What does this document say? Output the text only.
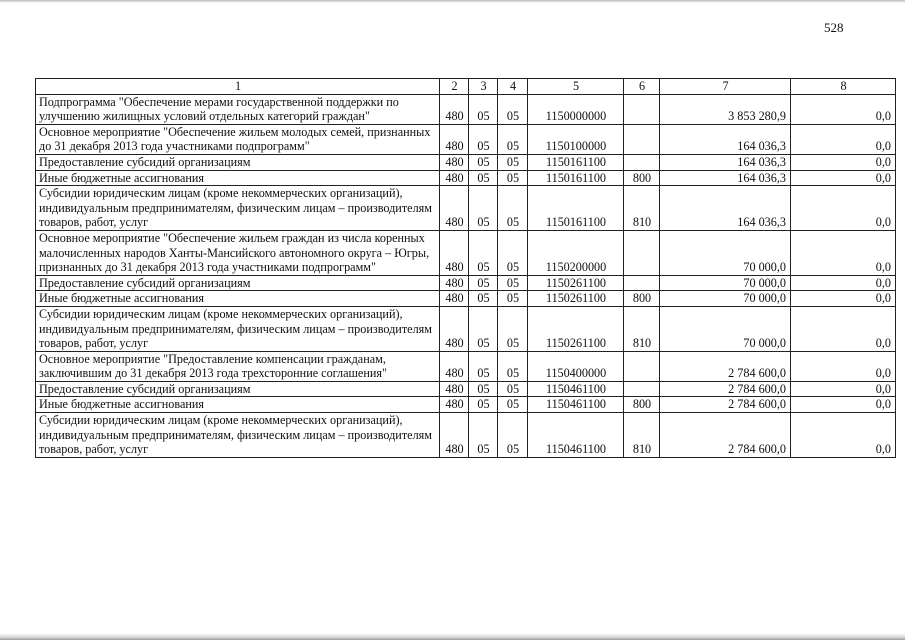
528
1	2	3	4	5	6	7	8
Подпрограмма "Обеспечение мерами государственной поддержки по улучшению жилищных условий отдельных категорий граждан"	480	05	05	1150000000		3 853 280,9	0,0
Основное мероприятие "Обеспечение жильем молодых семей, признанных до 31 декабря 2013 года участниками подпрограмм"	480	05	05	1150100000		164 036,3	0,0
Предоставление субсидий организациям	480	05	05	1150161100		164 036,3	0,0
Иные бюджетные ассигнования	480	05	05	1150161100	800	164 036,3	0,0
Субсидии юридическим лицам (кроме некоммерческих организаций), индивидуальным предпринимателям, физическим лицам – производителям товаров, работ, услуг	480	05	05	1150161100	810	164 036,3	0,0
Основное мероприятие "Обеспечение жильем граждан из числа коренных малочисленных народов Ханты-Мансийского автономного округа – Югры, признанных до 31 декабря 2013 года участниками подпрограмм"	480	05	05	1150200000		70 000,0	0,0
Предоставление субсидий организациям	480	05	05	1150261100		70 000,0	0,0
Иные бюджетные ассигнования	480	05	05	1150261100	800	70 000,0	0,0
Субсидии юридическим лицам (кроме некоммерческих организаций), индивидуальным предпринимателям, физическим лицам – производителям товаров, работ, услуг	480	05	05	1150261100	810	70 000,0	0,0
Основное мероприятие "Предоставление компенсации гражданам, заключившим до 31 декабря 2013 года трехсторонние соглашения"	480	05	05	1150400000		2 784 600,0	0,0
Предоставление субсидий организациям	480	05	05	1150461100		2 784 600,0	0,0
Иные бюджетные ассигнования	480	05	05	1150461100	800	2 784 600,0	0,0
Субсидии юридическим лицам (кроме некоммерческих организаций), индивидуальным предпринимателям, физическим лицам – производителям товаров, работ, услуг	480	05	05	1150461100	810	2 784 600,0	0,0
